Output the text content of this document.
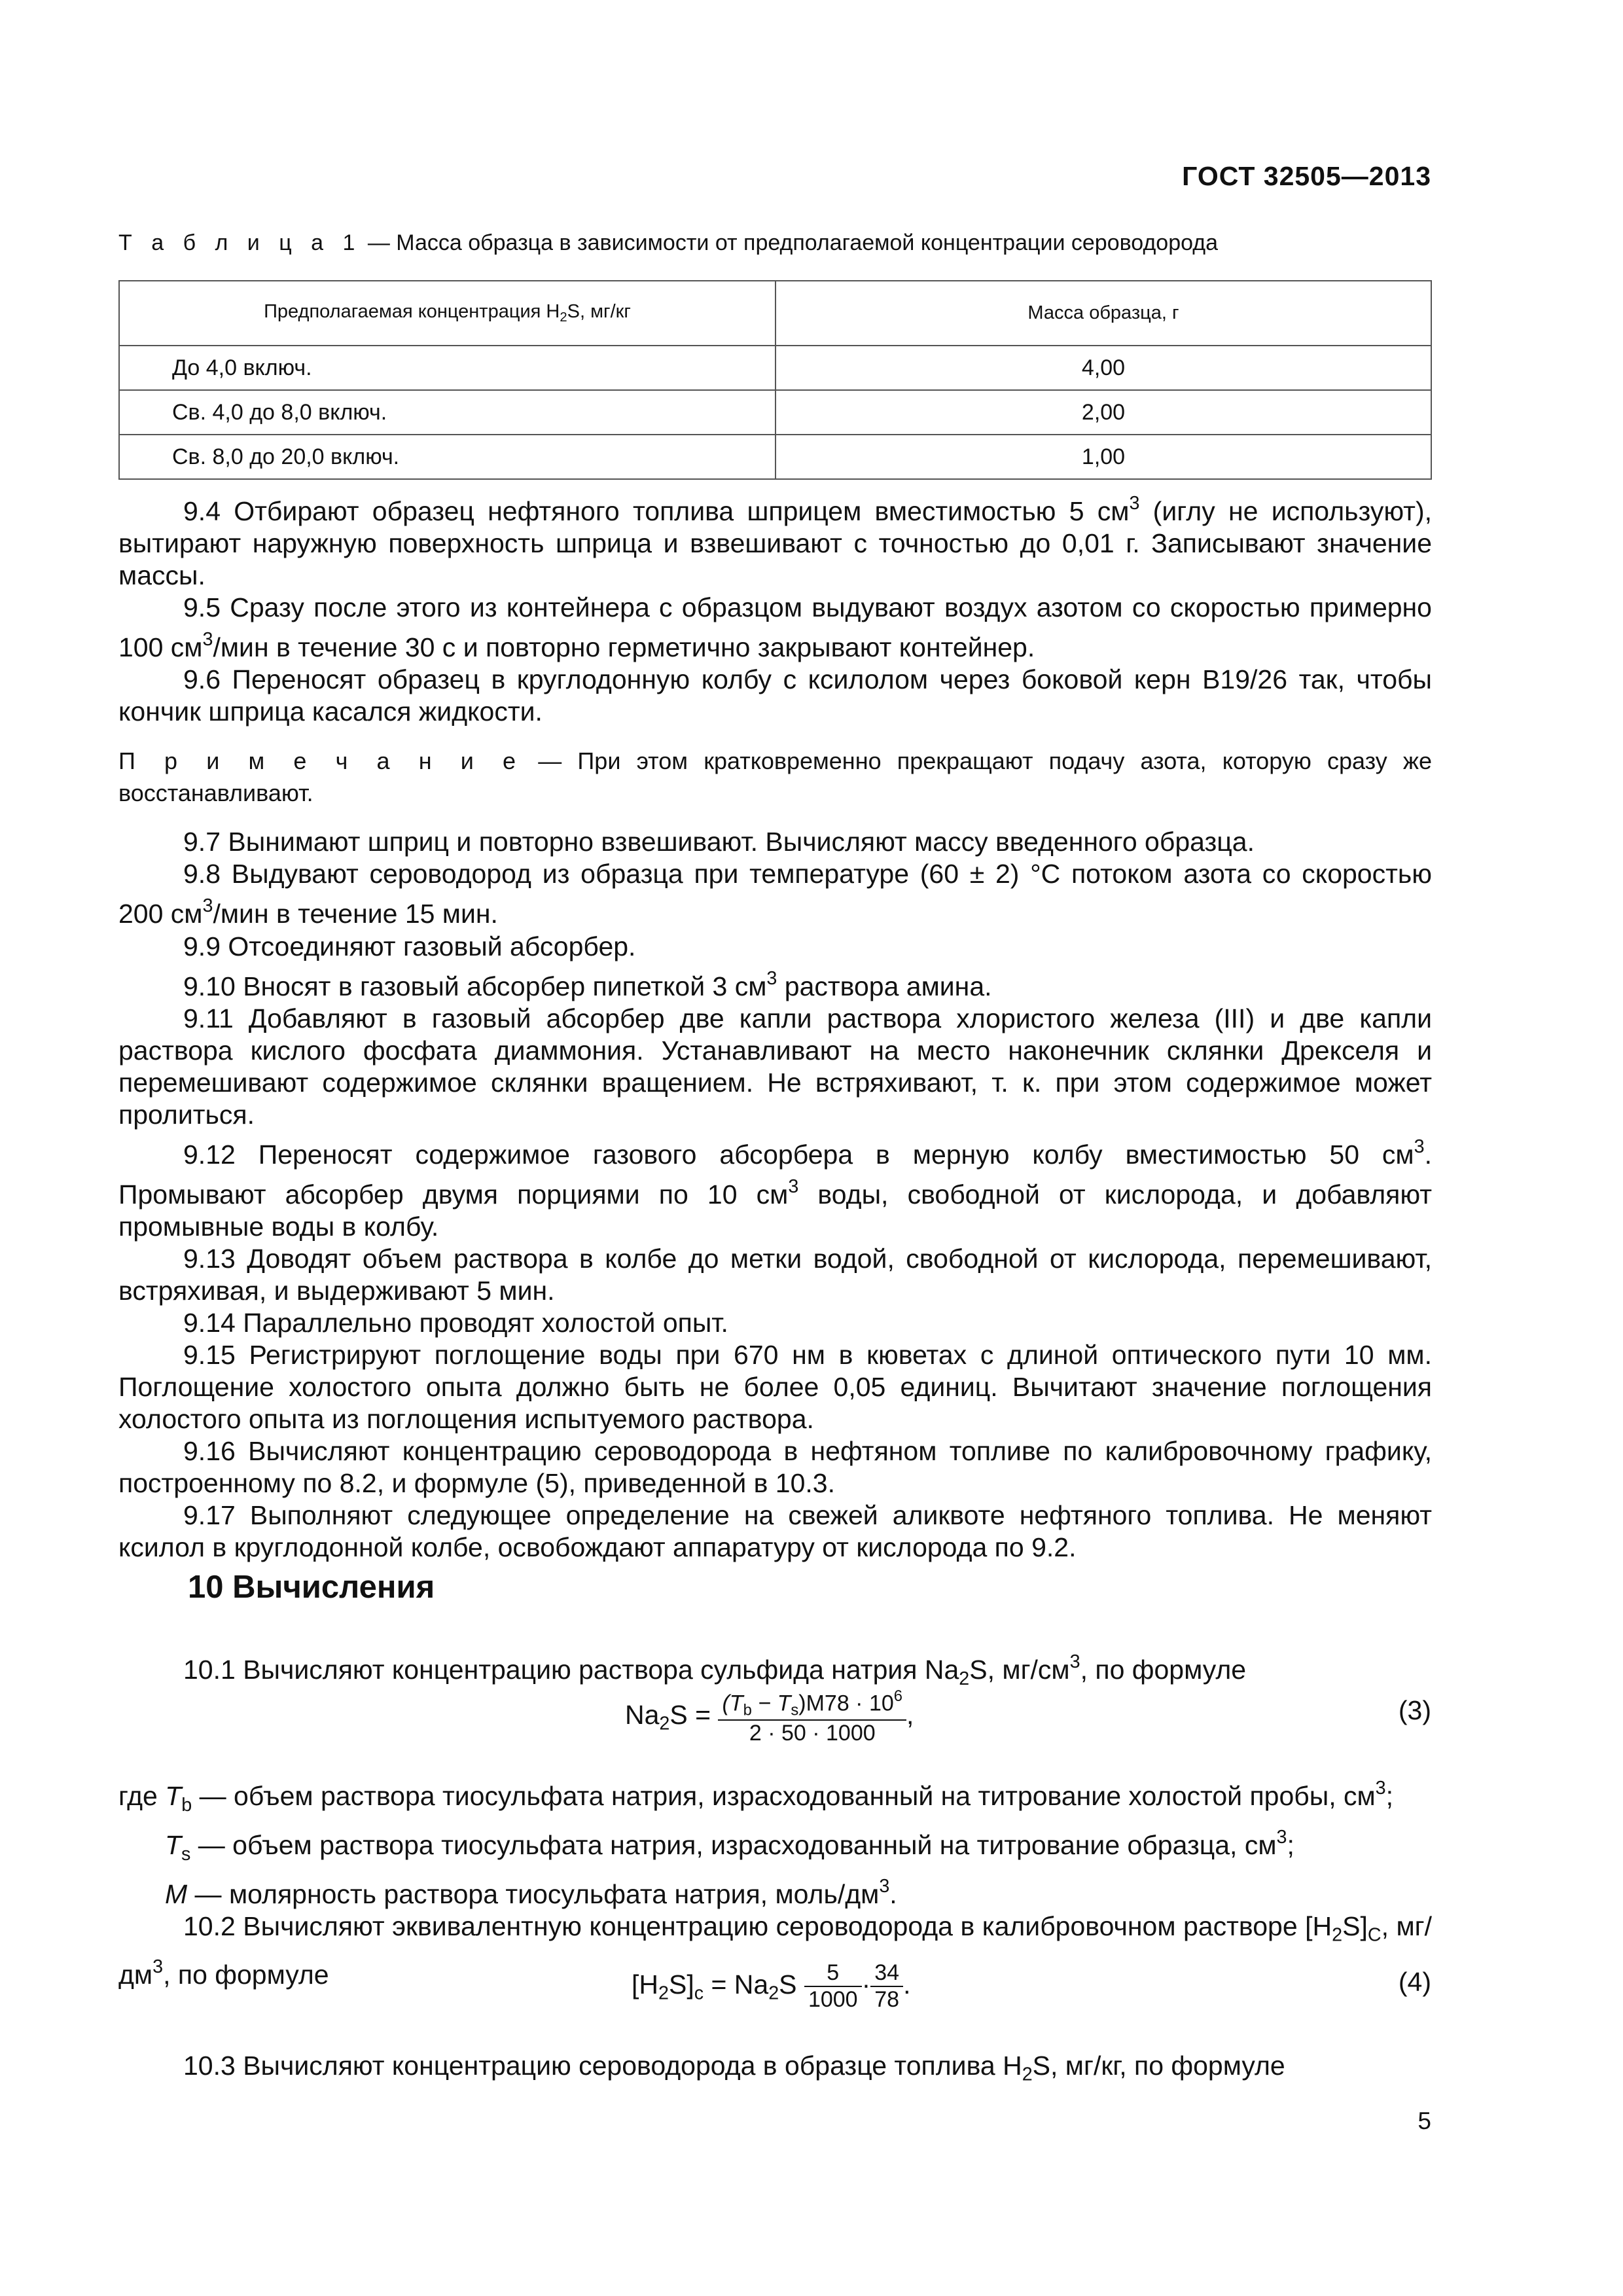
ГОСТ 32505—2013
Т а б л и ц а 1 — Масса образца в зависимости от предполагаемой концентрации сероводорода
Предполагаемая концентрация $H_2S$, мг/кг	Масса образца, г
До 4,0 включ.	4,00
Св. 4,0 до 8,0 включ.	2,00
Св. 8,0 до 20,0 включ.	1,00

9.4 Отбирают образец нефтяного топлива шприцем вместимостью 5 $см^3$ (иглу не используют), вытирают наружную поверхность шприца и взвешивают с точностью до 0,01 г. Записывают значение массы.

9.5 Сразу после этого из контейнера с образцом выдувают воздух азотом со скоростью примерно 100 $см^3$/мин в течение 30 с и повторно герметично закрывают контейнер.

9.6 Переносят образец в круглодонную колбу с ксилолом через боковой керн B19/26 так, чтобы кончик шприца касался жидкости.

П р и м е ч а н и е — При этом кратковременно прекращают подачу азота, которую сразу же восстанавливают.

9.7 Вынимают шприц и повторно взвешивают. Вычисляют массу введенного образца.

9.8 Выдувают сероводород из образца при температуре (60 ± 2) °С потоком азота со скоростью 200 $см^3$/мин в течение 15 мин.

9.9 Отсоединяют газовый абсорбер.

9.10 Вносят в газовый абсорбер пипеткой 3 $см^3$ раствора амина.

9.11 Добавляют в газовый абсорбер две капли раствора хлористого железа (III) и две капли раствора кислого фосфата диаммония. Устанавливают на место наконечник склянки Дрекселя и перемешивают содержимое склянки вращением. Не встряхивают, т. к. при этом содержимое может пролиться.

9.12 Переносят содержимое газового абсорбера в мерную колбу вместимостью 50 $см^3$. Промывают абсорбер двумя порциями по 10 $см^3$ воды, свободной от кислорода, и добавляют промывные воды в колбу.

9.13 Доводят объем раствора в колбе до метки водой, свободной от кислорода, перемешивают, встряхивая, и выдерживают 5 мин.

9.14 Параллельно проводят холостой опыт.

9.15 Регистрируют поглощение воды при 670 нм в кюветах с длиной оптического пути 10 мм. Поглощение холостого опыта должно быть не более 0,05 единиц. Вычитают значение поглощения холостого опыта из поглощения испытуемого раствора.

9.16 Вычисляют концентрацию сероводорода в нефтяном топливе по калибровочному графику, построенному по 8.2, и формуле (5), приведенной в 10.3.

9.17 Выполняют следующее определение на свежей аликвоте нефтяного топлива. Не меняют ксилол в круглодонной колбе, освобождают аппаратуру от кислорода по 9.2.

10 Вычисления

10.1 Вычисляют концентрацию раствора сульфида натрия $Na_2S$, $мг/см^3$, по формуле

$Na_2S = \frac{(T_b - T_s)M78 \cdot 10^6}{2 \cdot 50 \cdot 1000}$ ,	(3)
где $T_b$ — объем раствора тиосульфата натрия, израсходованный на титрование холостой пробы, $см^3$;
$T_s$ — объем раствора тиосульфата натрия, израсходованный на титрование образца, $см^3$;
M — молярность раствора тиосульфата натрия, моль/$дм^3$.

10.2 Вычисляют эквивалентную концентрацию сероводорода в калибровочном растворе $[H_2S]_C$, $мг/дм^3$, по формуле	$[H_2S]_c = Na_2S \frac{5}{1000} \cdot \frac{34}{78}$ .	(4)

10.3 Вычисляют концентрацию сероводорода в образце топлива $H_2S$, мг/кг, по формуле

5
